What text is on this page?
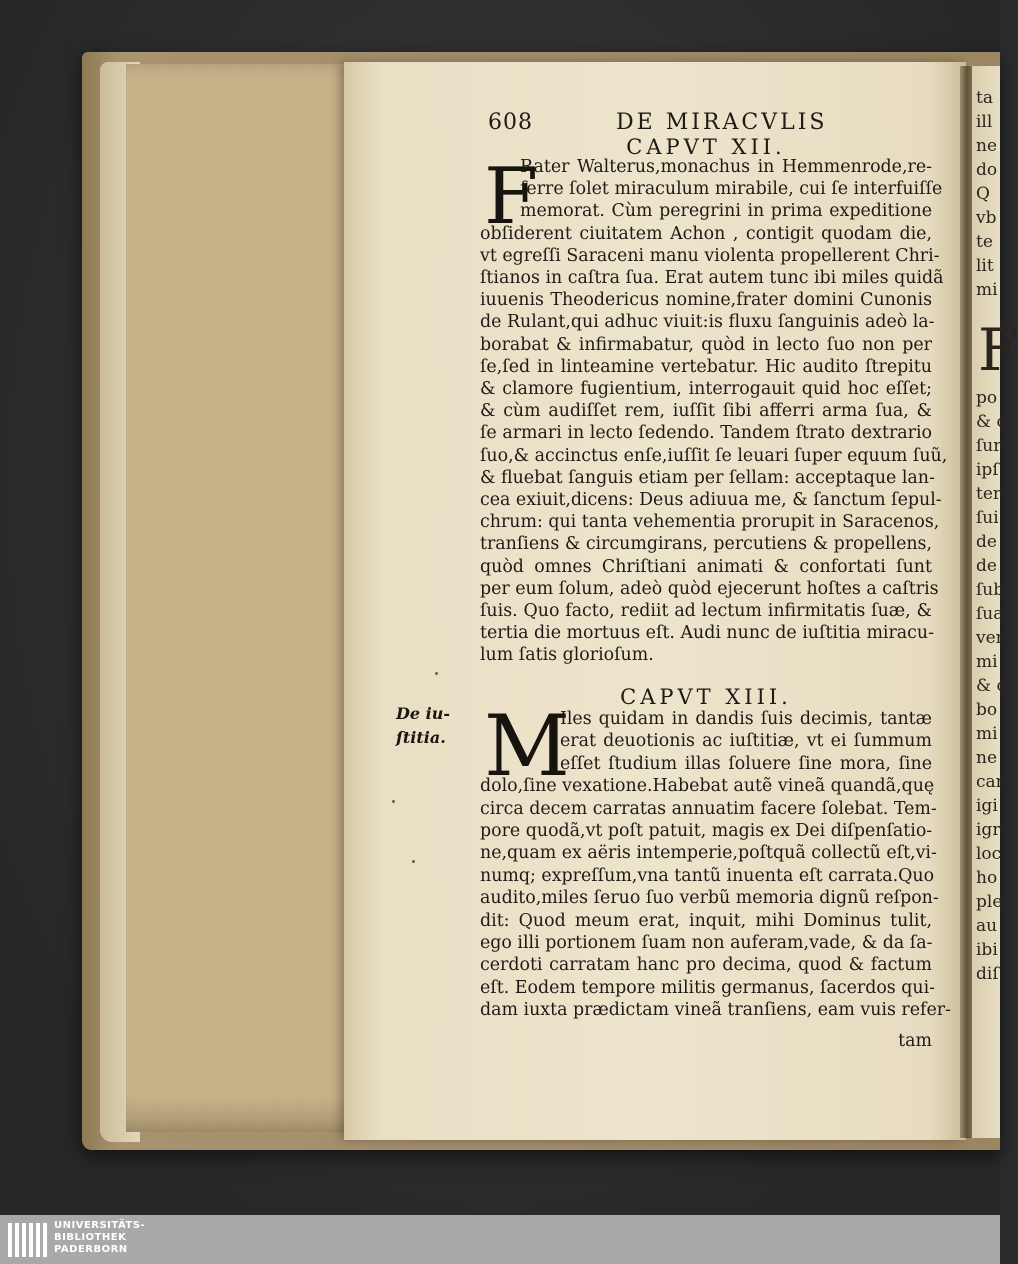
ta
ill
ne
do
Q
vb
te
lit
mi
F
po
& c
ſur
ipſ
ter
ſui
de
de
ſub
ſua
ver
mi
& c
bo
mi
ne
car
igi
igr
loc
ho
ple
au
ibi
diſ
608	DE MIRACVLIS
CAPVT XII.
F
Rater Walterus,monachus in Hemmenrode,re-
ferre ſolet miraculum mirabile, cui ſe interfuiſſe
memorat. Cùm peregrini in prima expeditione
obſiderent ciuitatem Achon , contigit quodam die,
vt egreſſi Saraceni manu violenta propellerent Chri-
ſtianos in caſtra ſua. Erat autem tunc ibi miles quidã
iuuenis Theodericus nomine,frater domini Cunonis
de Rulant,qui adhuc viuit:is fluxu ſanguinis adeò la-
borabat & infirmabatur, quòd in lecto ſuo non per
ſe,ſed in linteamine vertebatur. Hic audito ſtrepitu
& clamore fugientium, interrogauit quid hoc eſſet;
& cùm audiſſet rem, iuſſit ſibi afferri arma ſua, &
ſe armari in lecto ſedendo. Tandem ſtrato dextrario
ſuo,& accinctus enſe,iuſſit ſe leuari ſuper equum ſuũ,
& fluebat ſanguis etiam per ſellam: acceptaque lan-
cea exiuit,dicens: Deus adiuua me, & ſanctum ſepul-
chrum: qui tanta vehementia prorupit in Saracenos,
tranſiens & circumgirans, percutiens & propellens,
quòd omnes Chriſtiani animati & confortati ſunt
per eum ſolum, adeò quòd ejecerunt hoſtes a caſtris
ſuis. Quo facto, rediit ad lectum infirmitatis ſuæ, &
tertia die mortuus eſt. Audi nunc de iuſtitia miracu-
lum ſatis glorioſum.
CAPVT XIII.
De iu-
ſtitia. M
Iles quidam in dandis ſuis decimis, tantæ
erat deuotionis ac iuſtitiæ, vt ei ſummum
eſſet ſtudium illas ſoluere ſine mora, ſine
dolo,ſine vexatione.Habebat autẽ vineã quandã,quę
circa decem carratas annuatim facere ſolebat. Tem-
pore quodã,vt poſt patuit, magis ex Dei diſpenſatio-
ne,quam ex aëris intemperie,poſtquã collectũ eſt,vi-
numq; expreſſum,vna tantũ inuenta eſt carrata.Quo
audito,miles ſeruo ſuo verbũ memoria dignũ reſpon-
dit: Quod meum erat, inquit, mihi Dominus tulit,
ego illi portionem ſuam non auferam,vade, & da ſa-
cerdoti carratam hanc pro decima, quod & factum
eſt. Eodem tempore militis germanus, ſacerdos qui-
dam iuxta prædictam vineã tranſiens, eam vuis refer-
tam
UNIVERSITÄTS-
BIBLIOTHEK
PADERBORN
